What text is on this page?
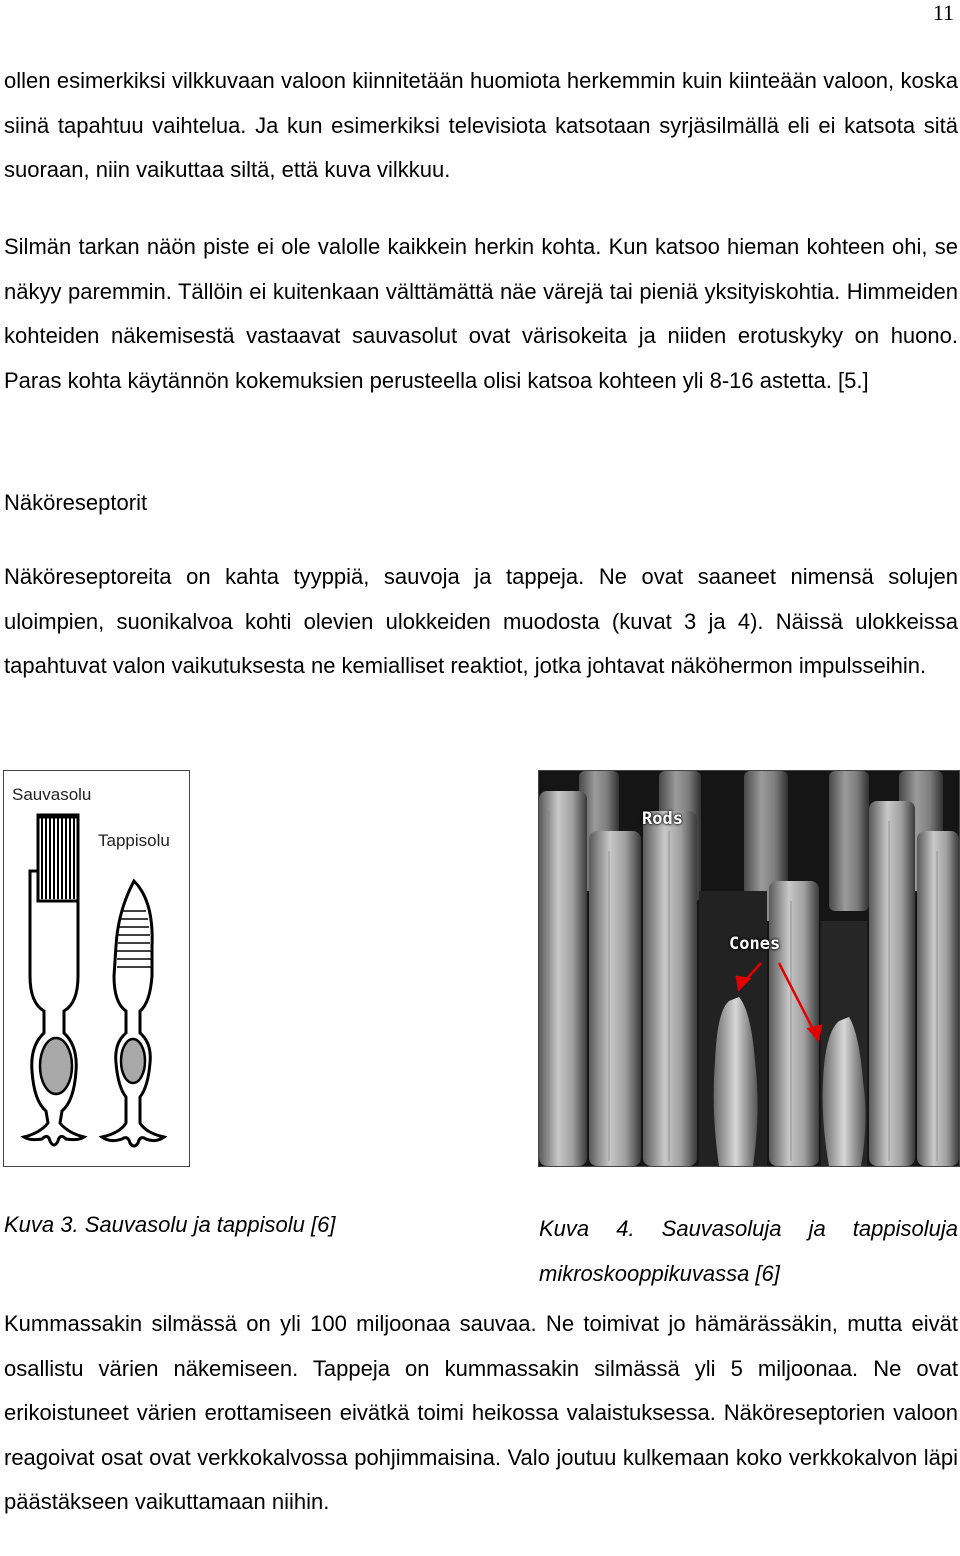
11

ollen esimerkiksi vilkkuvaan valoon kiinnitetään huomiota herkemmin kuin kiinteään valoon, koska siinä tapahtuu vaihtelua. Ja kun esimerkiksi televisiota katsotaan syrjäsilmällä eli ei katsota sitä suoraan, niin vaikuttaa siltä, että kuva vilkkuu.

Silmän tarkan näön piste ei ole valolle kaikkein herkin kohta. Kun katsoo hieman kohteen ohi, se näkyy paremmin. Tällöin ei kuitenkaan välttämättä näe värejä tai pieniä yksityiskohtia. Himmeiden kohteiden näkemisestä vastaavat sauvasolut ovat värisokeita ja niiden erotuskyky on huono. Paras kohta käytännön kokemuksien perusteella olisi katsoa kohteen yli 8-16 astetta. [5.]

Näköreseptorit

Näköreseptoreita on kahta tyyppiä, sauvoja ja tappeja. Ne ovat saaneet nimensä solujen uloimpien, suonikalvoa kohti olevien ulokkeiden muodosta (kuvat 3 ja 4). Näissä ulokkeissa tapahtuvat valon vaikutuksesta ne kemialliset reaktiot, jotka johtavat näköhermon impulsseihin.

Sauvasolu
Tappisolu
Rods
Cones

Kuva 3. Sauvasolu ja tappisolu [6]	Kuva 4. Sauvasoluja ja tappisoluja mikroskooppikuvassa [6]

Kummassakin silmässä on yli 100 miljoonaa sauvaa. Ne toimivat jo hämärässäkin, mutta eivät osallistu värien näkemiseen. Tappeja on kummassakin silmässä yli 5 miljoonaa. Ne ovat erikoistuneet värien erottamiseen eivätkä toimi heikossa valaistuksessa. Näköreseptorien valoon reagoivat osat ovat verkkokalvossa pohjimmaisina. Valo joutuu kulkemaan koko verkkokalvon läpi päästäkseen vaikuttamaan niihin.
